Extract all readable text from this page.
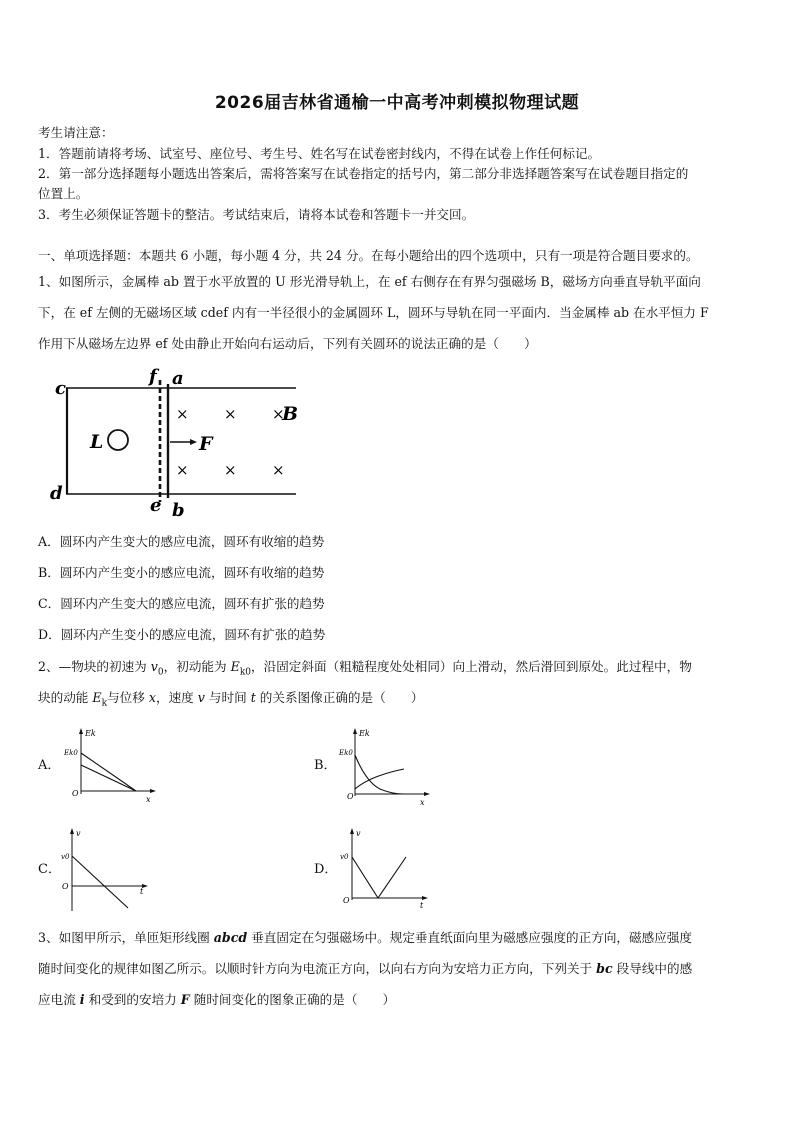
2026届吉林省通榆一中高考冲刺模拟物理试题
考生请注意：
1．答题前请将考场、试室号、座位号、考生号、姓名写在试卷密封线内，不得在试卷上作任何标记。
2．第一部分选择题每小题选出答案后，需将答案写在试卷指定的括号内，第二部分非选择题答案写在试卷题目指定的
位置上。
3．考生必须保证答题卡的整洁。考试结束后，请将本试卷和答题卡一并交回。
一、单项选择题：本题共 6 小题，每小题 4 分，共 24 分。在每小题给出的四个选项中，只有一项是符合题目要求的。
1、如图所示，金属棒 ab 置于水平放置的 U 形光滑导轨上，在 ef 右侧存在有界匀强磁场 B，磁场方向垂直导轨平面向
下，在 ef 左侧的无磁场区域 cdef 内有一半径很小的金属圆环 L，圆环与导轨在同一平面内．当金属棒 ab 在水平恒力 F
作用下从磁场左边界 ef 处由静止开始向右运动后，下列有关圆环的说法正确的是（　　）
c
d
f a
e b
L	F
B
× × ×
× × ×
A．圆环内产生变大的感应电流，圆环有收缩的趋势
B．圆环内产生变小的感应电流，圆环有收缩的趋势
C．圆环内产生变大的感应电流，圆环有扩张的趋势
D．圆环内产生变小的感应电流，圆环有扩张的趋势
2、—物块的初速为 $v_0$，初动能为 $E_{k0}$，沿固定斜面（粗糙程度处处相同）向上滑动，然后滑回到原处。此过程中，物
块的动能 $E_k$与位移 x，速度 v 与时间 t 的关系图像正确的是（　　）
A．	B．
C．	D．
Ek
Ek0
O
x
Ek
Ek0
O
x
v
v0
O
t
v
v0
O
t
3、如图甲所示，单匝矩形线圈 abcd 垂直固定在匀强磁场中。规定垂直纸面向里为磁感应强度的正方向，磁感应强度
随时间变化的规律如图乙所示。以顺时针方向为电流正方向，以向右方向为安培力正方向，下列关于 bc 段导线中的感
应电流 i 和受到的安培力 F 随时间变化的图象正确的是（　　）
